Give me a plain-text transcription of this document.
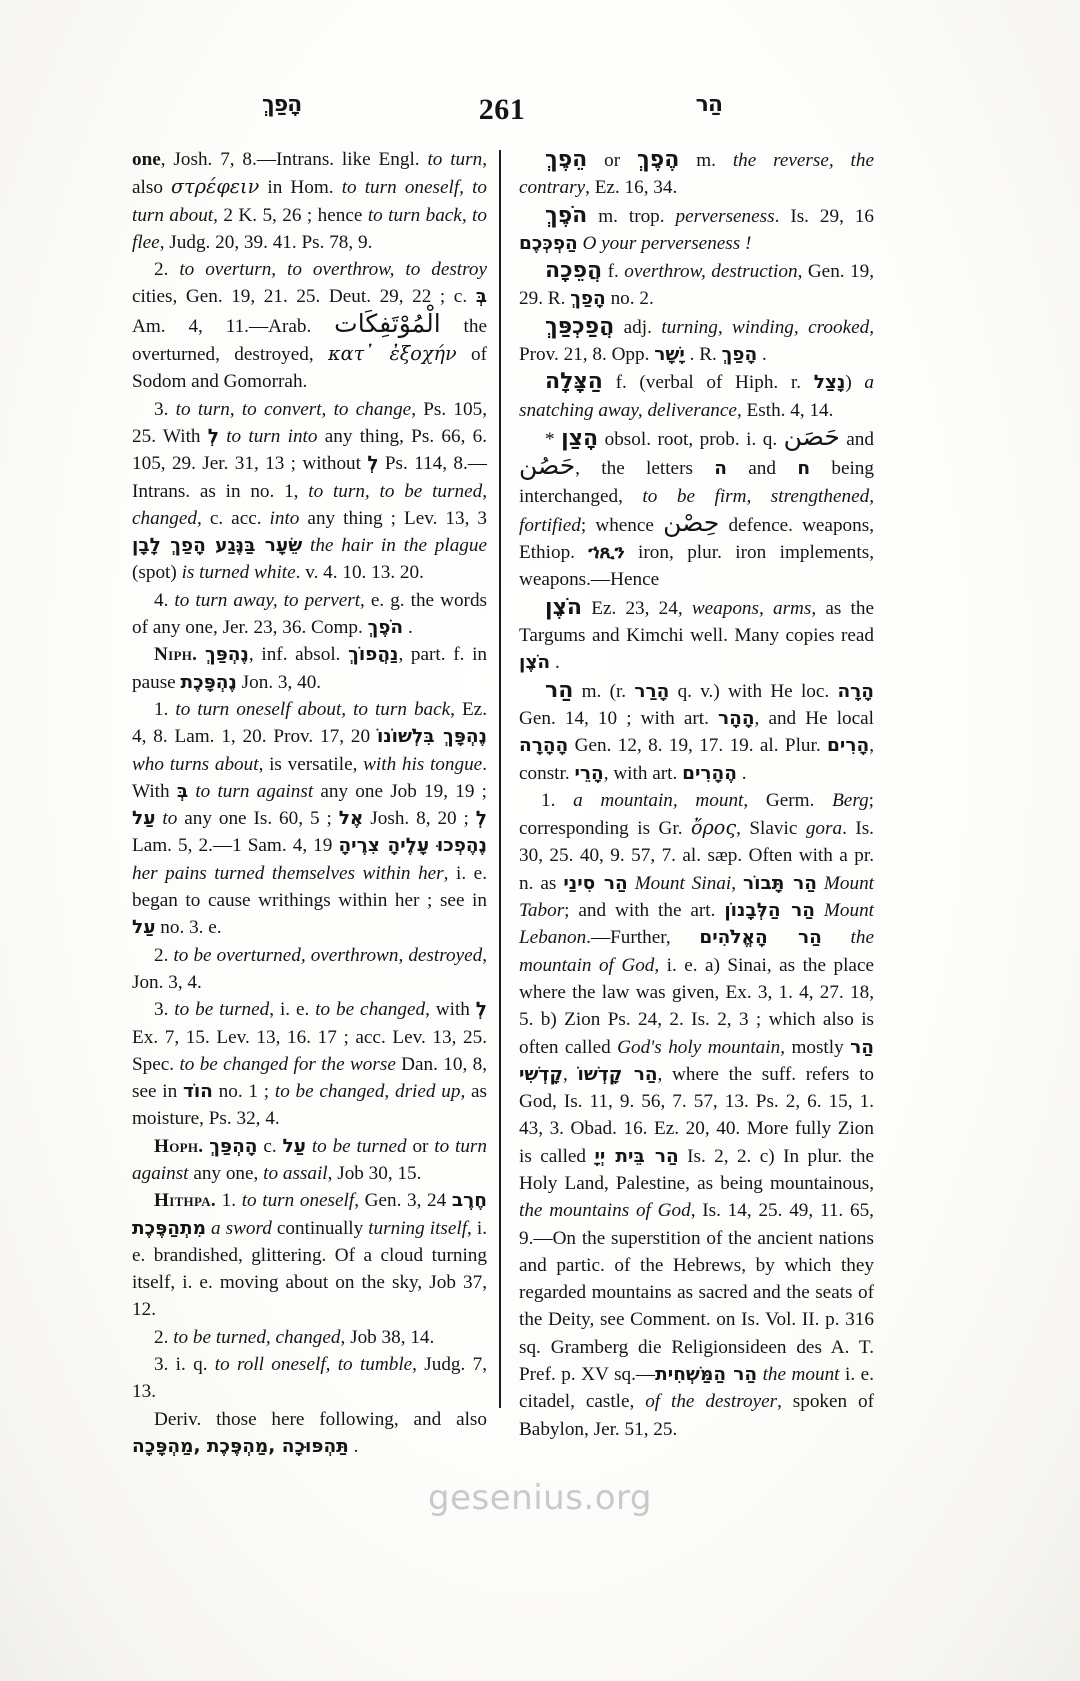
הָפַךְ	261	הַר

one, Josh. 7, 8.—Intrans. like Engl. to turn, also στρέφειν in Hom. to turn oneself, to turn about, 2 K. 5, 26 ; hence to turn back, to flee, Judg. 20, 39. 41. Ps. 78, 9.

2. to overturn, to overthrow, to destroy cities, Gen. 19, 21. 25. Deut. 29, 22 ; c. בְּ Am. 4, 11.—Arab. الْمُوْتَفِكَات the overturned, destroyed, κατ᾽ ἐξοχήν of Sodom and Gomorrah.

3. to turn, to convert, to change, Ps. 105, 25. With לְ to turn into any thing, Ps. 66, 6. 105, 29. Jer. 31, 13 ; without לְ Ps. 114, 8.—Intrans. as in no. 1, to turn, to be turned, changed, c. acc. into any thing ; Lev. 13, 3 שֵׂעָר בַּנֶּגַע הָפַךְ לָבָן the hair in the plague (spot) is turned white. v. 4. 10. 13. 20.

4. to turn away, to pervert, e. g. the words of any one, Jer. 23, 36. Comp. הֹפֶךְ .

Niph. נֶהְפַּךְ, inf. absol. נַהֲפוֹךְ, part. f. in pause נֶהְפָּכֶת Jon. 3, 40.

1. to turn oneself about, to turn back, Ez. 4, 8. Lam. 1, 20. Prov. 17, 20 נֶהְפָּךְ בִּלְשׁוֹנוֹ who turns about, is versatile, with his tongue. With בְּ to turn against any one Job 19, 19 ; עַל to any one Is. 60, 5 ; אֶל Josh. 8, 20 ; לְ Lam. 5, 2.—1 Sam. 4, 19 נֶהֶפְכוּ עָלֶיהָ צִרֶיהָ her pains turned themselves within her, i. e. began to cause writhings within her ; see in עַל no. 3. e.

2. to be overturned, overthrown, destroyed, Jon. 3, 4.

3. to be turned, i. e. to be changed, with לְ Ex. 7, 15. Lev. 13, 16. 17 ; acc. Lev. 13, 25. Spec. to be changed for the worse Dan. 10, 8, see in הוֹד no. 1 ; to be changed, dried up, as moisture, Ps. 32, 4.

Hoph. הָהְפַּךְ c. עַל to be turned or to turn against any one, to assail, Job 30, 15.

Hithpa. 1. to turn oneself, Gen. 3, 24 חֶרֶב מִתְהַפֶּכֶת a sword continually turning itself, i. e. brandished, glittering. Of a cloud turning itself, i. e. moving about on the sky, Job 37, 12.

2. to be turned, changed, Job 38, 14.

3. i. q. to roll oneself, to tumble, Judg. 7, 13.

Deriv. those here following, and also תַּהְפּוּכָה ,מַהְפֶּכֶת ,מַהְפָּכָה .

הֵפֶךְ or הֶפֶךְ m. the reverse, the contrary, Ez. 16, 34.

הֹפֶךְ m. trop. perverseness. Is. 29, 16 הַפְכְּכֶם O your perverseness !

הֲפֵכָה f. overthrow, destruction, Gen. 19, 29. R. הָפַךְ no. 2.

הֲפַכְפַּךְ adj. turning, winding, crooked, Prov. 21, 8. Opp. יָשָׁר . R. הָפַךְ .

הַצָּלָה f. (verbal of Hiph. r. נָצַל) a snatching away, deliverance, Esth. 4, 14.

* הָצַן obsol. root, prob. i. q. حَصَن and حَصُن, the letters ה and ח being interchanged, to be firm, strengthened, fortified; whence حِصْن defence. weapons, Ethiop. ኀጺን iron, plur. iron implements, weapons.—Hence

הֹצֶן Ez. 23, 24, weapons, arms, as the Targums and Kimchi well. Many copies read הֹצֶן .

הַר m. (r. הָרַר q. v.) with He loc. הָרָה Gen. 14, 10 ; with art. הָהָר, and He local הָהָרָה Gen. 12, 8. 19, 17. 19. al. Plur. הָרִים, constr. הָרֵי, with art. הֶהָרִים .

1. a mountain, mount, Germ. Berg; corresponding is Gr. ὄρος, Slavic gora. Is. 30, 25. 40, 9. 57, 7. al. sæp. Often with a pr. n. as הַר סִינַי Mount Sinai, הַר תָּבוֹר Mount Tabor; and with the art. הַר הַלְּבָנוֹן Mount Lebanon.—Further, הַר הָאֱלֹהִים the mountain of God, i. e. a) Sinai, as the place where the law was given, Ex. 3, 1. 4, 27. 18, 5. b) Zion Ps. 24, 2. Is. 2, 3 ; which also is often called God's holy mountain, mostly הַר קָדְשִׁי, הַר קָדְשׁוֹ, where the suff. refers to God, Is. 11, 9. 56, 7. 57, 13. Ps. 2, 6. 15, 1. 43, 3. Obad. 16. Ez. 20, 40. More fully Zion is called הַר בֵּית יְיָ Is. 2, 2. c) In plur. the Holy Land, Palestine, as being mountainous, the mountains of God, Is. 14, 25. 49, 11. 65, 9.—On the superstition of the ancient nations and partic. of the Hebrews, by which they regarded mountains as sacred and the seats of the Deity, see Comment. on Is. Vol. II. p. 316 sq. Gramberg die Religionsideen des A. T. Pref. p. XV sq.—הַר הַמַּשְׁחִית the mount i. e. citadel, castle, of the destroyer, spoken of Babylon, Jer. 51, 25.

gesenius.org
